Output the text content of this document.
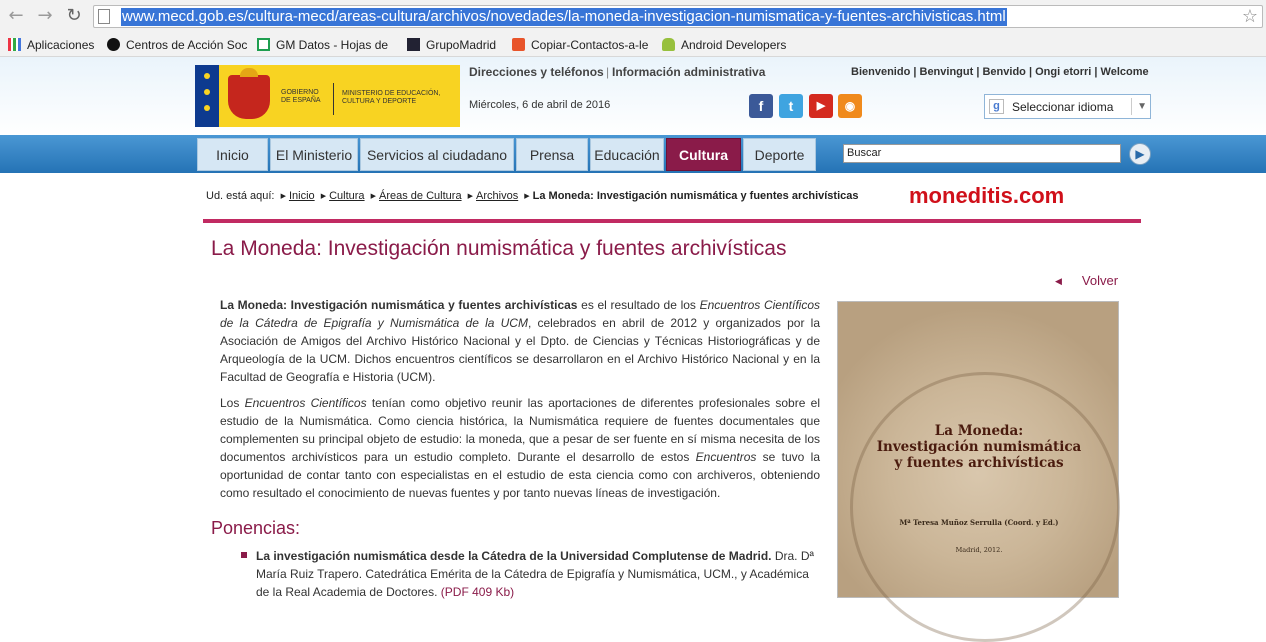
← → ↻	www.mecd.gob.es/cultura-mecd/areas-cultura/archivos/novedades/la-moneda-investigacion-numismatica-y-fuentes-archivisticas.html	☆
Aplicaciones	Centros de Acción Soc	GM Datos - Hojas de	GrupoMadrid	Copiar-Contactos-a-le	Android Developers
GOBIERNO DE ESPAÑA
MINISTERIO DE EDUCACIÓN, CULTURA Y DEPORTE
Direcciones y teléfonos | Información administrativa
Miércoles, 6 de abril de 2016	f	t	▶	◉
Bienvenido | Benvingut | Benvido | Ongi etorri | Welcome
g	Seleccionar idioma	▼
Inicio	El Ministerio	Servicios al ciudadano	Prensa	Educación	Cultura	Deporte	Buscar	▶
Ud. está aquí: ▶ Inicio ▶ Cultura ▶ Áreas de Cultura ▶ Archivos ▶ La Moneda: Investigación numismática y fuentes archivísticas moneditis.com
La Moneda: Investigación numismática y fuentes archivísticas
◀ Volver

La Moneda: Investigación numismática y fuentes archivísticas es el resultado de los Encuentros Científicos de la Cátedra de Epigrafía y Numismática de la UCM, celebrados en abril de 2012 y organizados por la Asociación de Amigos del Archivo Histórico Nacional y el Dpto. de Ciencias y Técnicas Historiográficas y de Arqueología de la UCM. Dichos encuentros científicos se desarrollaron en el Archivo Histórico Nacional y en la Facultad de Geografía e Historia (UCM).

Los Encuentros Científicos tenían como objetivo reunir las aportaciones de diferentes profesionales sobre el estudio de la Numismática. Como ciencia histórica, la Numismática requiere de fuentes documentales que complementen su principal objeto de estudio: la moneda, que a pesar de ser fuente en sí misma necesita de los documentos archivísticos para un estudio completo. Durante el desarrollo de estos Encuentros se tuvo la oportunidad de contar tanto con especialistas en el estudio de esta ciencia como con archiveros, obteniendo como resultado el conocimiento de nuevas fuentes y por tanto nuevas líneas de investigación.

Ponencias:
La investigación numismática desde la Cátedra de la Universidad Complutense de Madrid. Dra. Dª María Ruiz Trapero. Catedrática Emérita de la Cátedra de Epigrafía y Numismática, UCM., y Académica de la Real Academia de Doctores. (PDF 409 Kb)
La Moneda:
Investigación numismática
y fuentes archivísticas
Mª Teresa Muñoz Serrulla (Coord. y Ed.)
Madrid, 2012.
